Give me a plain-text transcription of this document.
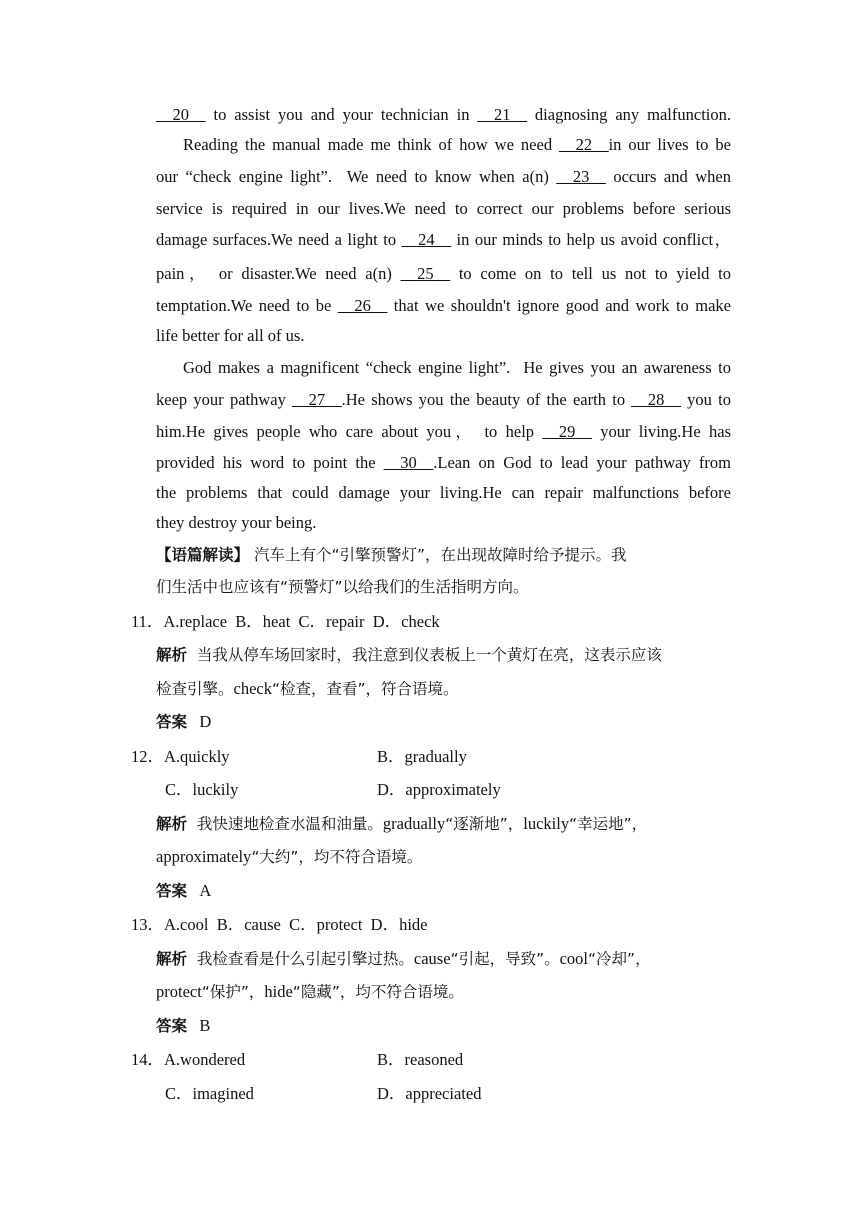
__20__ to assist you and your technician in __21__ diagnosing any malfunction.
Reading the manual made me think of how we need __22__in our lives to be
our “check engine light”.  We need to know when a(n) __23__ occurs and when
service is required in our lives.We need to correct our problems before serious
damage surfaces.We need a light to __24__ in our minds to help us avoid conflict，
pain， or disaster.We need a(n) __25__ to come on to tell us not to yield to
temptation.We need to be __26__ that we shouldn't ignore good and work to make
life better for all of us.
God makes a magnificent “check engine light”.  He gives you an awareness to
keep your pathway __27__.He shows you the beauty of the earth to __28__ you to
him.He gives people who care about you， to help __29__ your living.He has
provided his word to point the __30__.Lean on God to lead your pathway from
the problems that could damage your living.He can repair malfunctions before
they destroy your being.
【语篇解读】 汽车上有个“引擎预警灯”，在出现故障时给予提示。我
们生活中也应该有“预警灯”以给我们的生活指明方向。
11．A.replace  B．heat  C．repair  D．check
解析 当我从停车场回家时，我注意到仪表板上一个黄灯在亮，这表示应该
检查引擎。check“检查，查看”，符合语境。
答案 D
12．A.quickly	B．gradually
C．luckily	D．approximately
解析 我快速地检查水温和油量。gradually“逐渐地”，luckily“幸运地”，
approximately“大约”，均不符合语境。
答案 A
13．A.cool  B．cause  C．protect  D．hide
解析 我检查看是什么引起引擎过热。cause“引起，导致”。cool“冷却”，
protect“保护”，hide“隐藏”，均不符合语境。
答案 B
14．A.wondered	B．reasoned
C．imagined	D．appreciated
